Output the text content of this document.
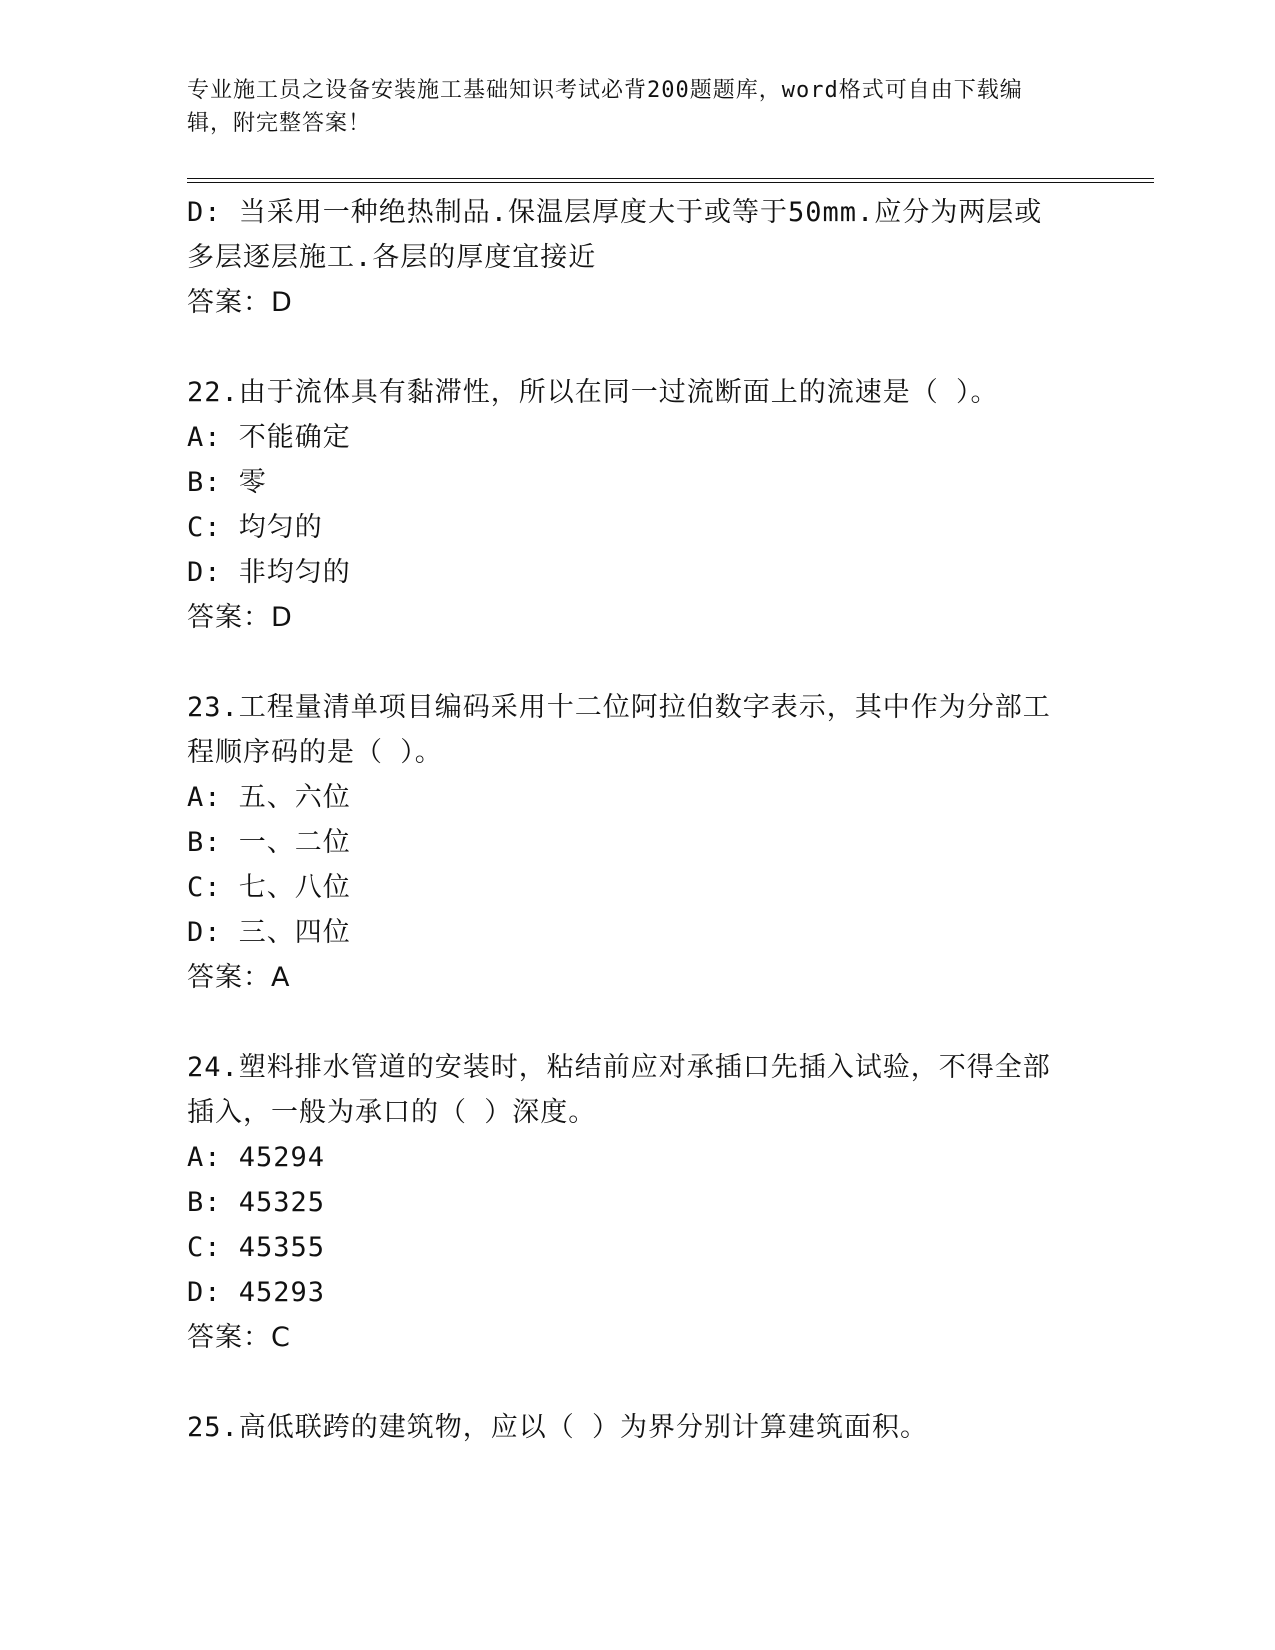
专业施工员之设备安装施工基础知识考试必背200题题库，word格式可自由下载编辑，附完整答案！
D: 当采用一种绝热制品.保温层厚度大于或等于50mm.应分为两层或多层逐层施工.各层的厚度宜接近
答案：D
22.由于流体具有黏滞性，所以在同一过流断面上的流速是（ ）。
A: 不能确定
B: 零
C: 均匀的
D: 非均匀的
答案：D
23.工程量清单项目编码采用十二位阿拉伯数字表示，其中作为分部工程顺序码的是（ ）。
A: 五、六位
B: 一、二位
C: 七、八位
D: 三、四位
答案：A
24.塑料排水管道的安装时，粘结前应对承插口先插入试验，不得全部插入，一般为承口的（ ）深度。
A: 45294
B: 45325
C: 45355
D: 45293
答案：C
25.高低联跨的建筑物，应以（ ）为界分别计算建筑面积。
